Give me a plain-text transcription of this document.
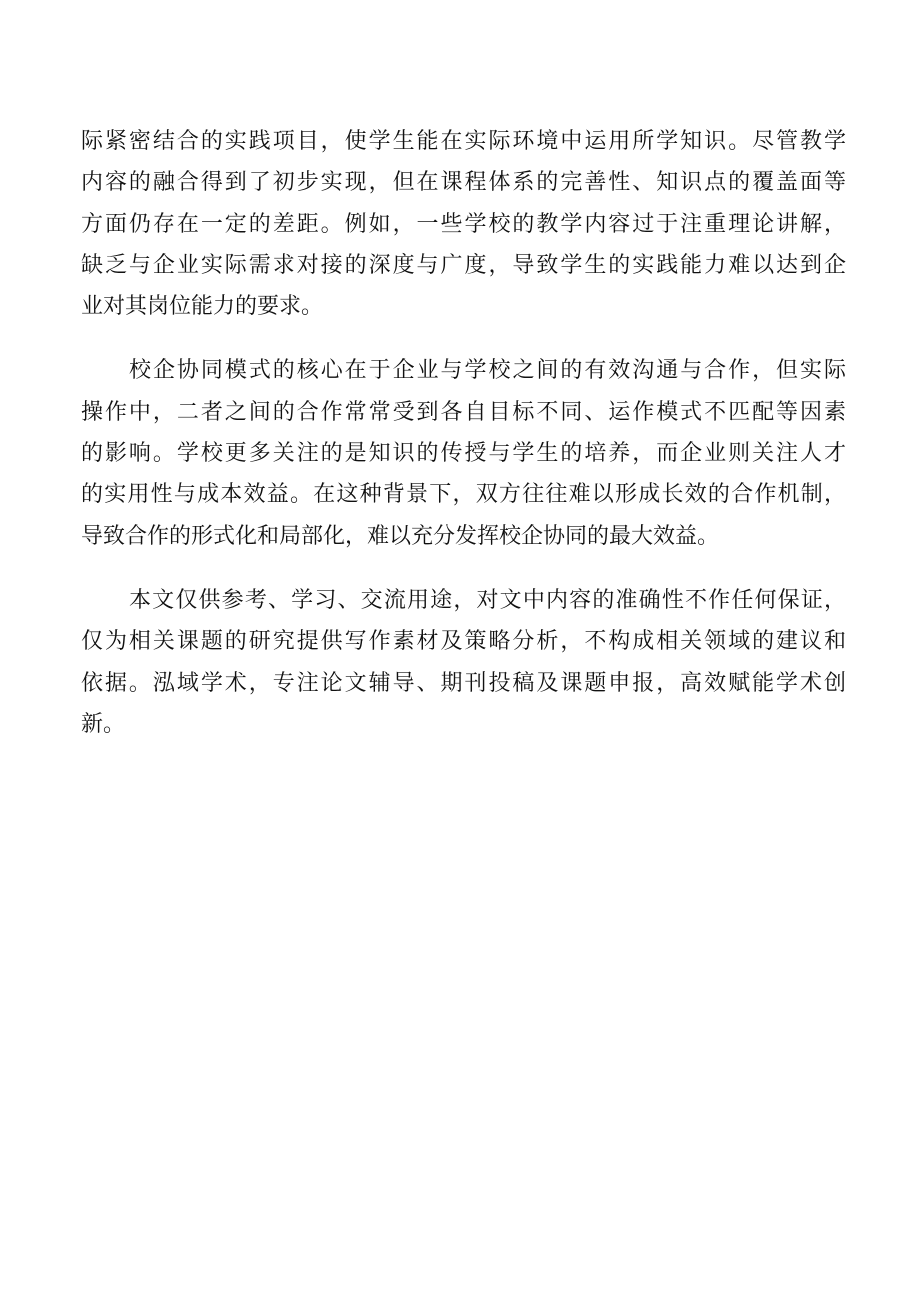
际紧密结合的实践项目，使学生能在实际环境中运用所学知识。尽管教学
内容的融合得到了初步实现，但在课程体系的完善性、知识点的覆盖面等
方面仍存在一定的差距。例如，一些学校的教学内容过于注重理论讲解，
缺乏与企业实际需求对接的深度与广度，导致学生的实践能力难以达到企
业对其岗位能力的要求。

校企协同模式的核心在于企业与学校之间的有效沟通与合作，但实际
操作中，二者之间的合作常常受到各自目标不同、运作模式不匹配等因素
的影响。学校更多关注的是知识的传授与学生的培养，而企业则关注人才
的实用性与成本效益。在这种背景下，双方往往难以形成长效的合作机制，
导致合作的形式化和局部化，难以充分发挥校企协同的最大效益。

本文仅供参考、学习、交流用途，对文中内容的准确性不作任何保证，
仅为相关课题的研究提供写作素材及策略分析，不构成相关领域的建议和
依据。泓域学术，专注论文辅导、期刊投稿及课题申报，高效赋能学术创
新。
